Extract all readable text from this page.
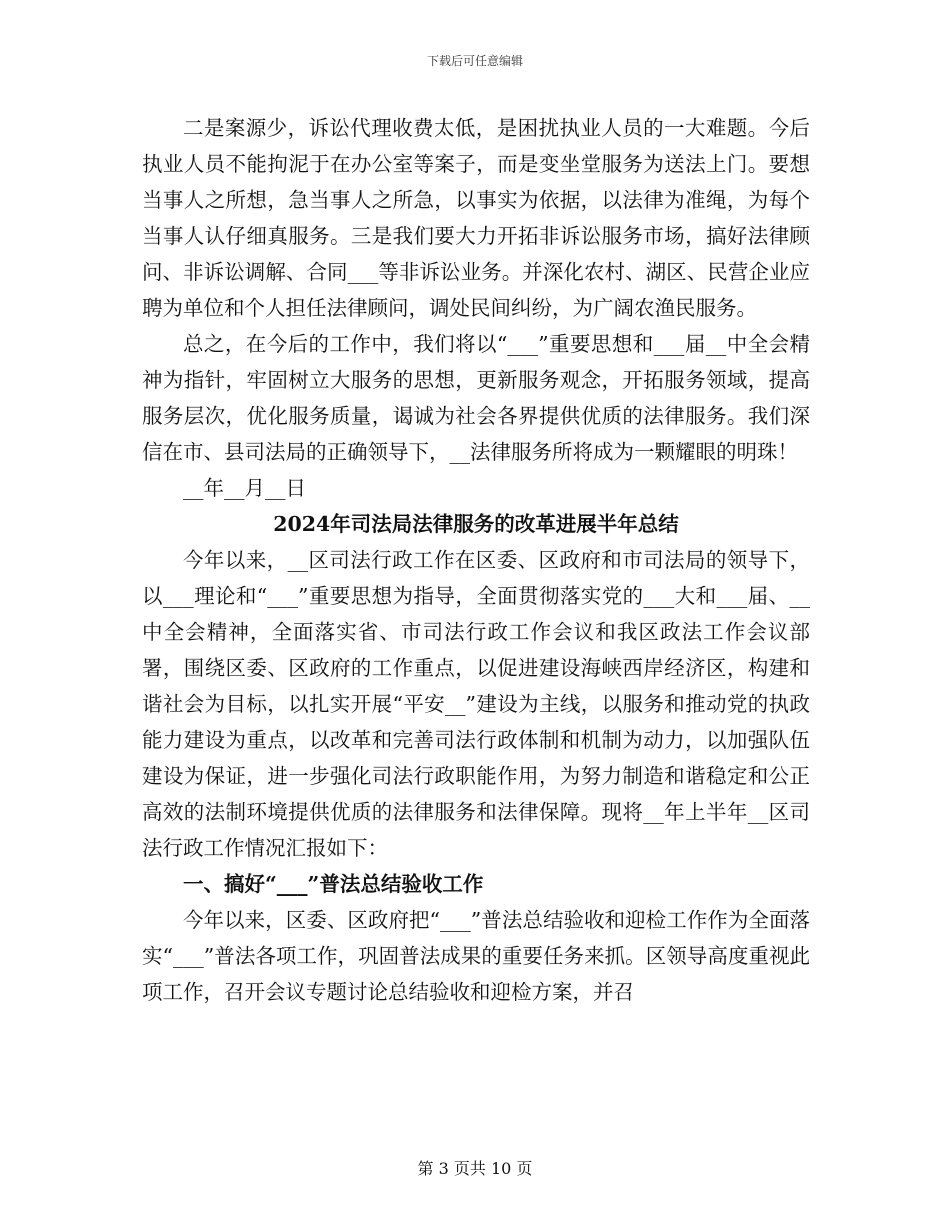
下载后可任意编辑

二是案源少，诉讼代理收费太低，是困扰执业人员的一大难题。今后执业人员不能拘泥于在办公室等案子，而是变坐堂服务为送法上门。要想当事人之所想，急当事人之所急，以事实为依据，以法律为准绳，为每个当事人认仔细真服务。三是我们要大力开拓非诉讼服务市场，搞好法律顾问、非诉讼调解、合同___等非诉讼业务。并深化农村、湖区、民营企业应聘为单位和个人担任法律顾问，调处民间纠纷，为广阔农渔民服务。

总之，在今后的工作中，我们将以“___”重要思想和___届__中全会精神为指针，牢固树立大服务的思想，更新服务观念，开拓服务领域，提高服务层次，优化服务质量，谒诚为社会各界提供优质的法律服务。我们深信在市、县司法局的正确领导下，__法律服务所将成为一颗耀眼的明珠！

__年__月__日

2024年司法局法律服务的改革进展半年总结

今年以来，__区司法行政工作在区委、区政府和市司法局的领导下，以___理论和“___”重要思想为指导，全面贯彻落实党的___大和___届、__中全会精神，全面落实省、市司法行政工作会议和我区政法工作会议部署，围绕区委、区政府的工作重点，以促进建设海峡西岸经济区，构建和谐社会为目标，以扎实开展“平安__”建设为主线，以服务和推动党的执政能力建设为重点，以改革和完善司法行政体制和机制为动力，以加强队伍建设为保证，进一步强化司法行政职能作用，为努力制造和谐稳定和公正高效的法制环境提供优质的法律服务和法律保障。现将__年上半年__区司法行政工作情况汇报如下：

一、搞好“___”普法总结验收工作

今年以来，区委、区政府把“___”普法总结验收和迎检工作作为全面落实“___”普法各项工作，巩固普法成果的重要任务来抓。区领导高度重视此项工作，召开会议专题讨论总结验收和迎检方案，并召

第 3 页共 10 页
